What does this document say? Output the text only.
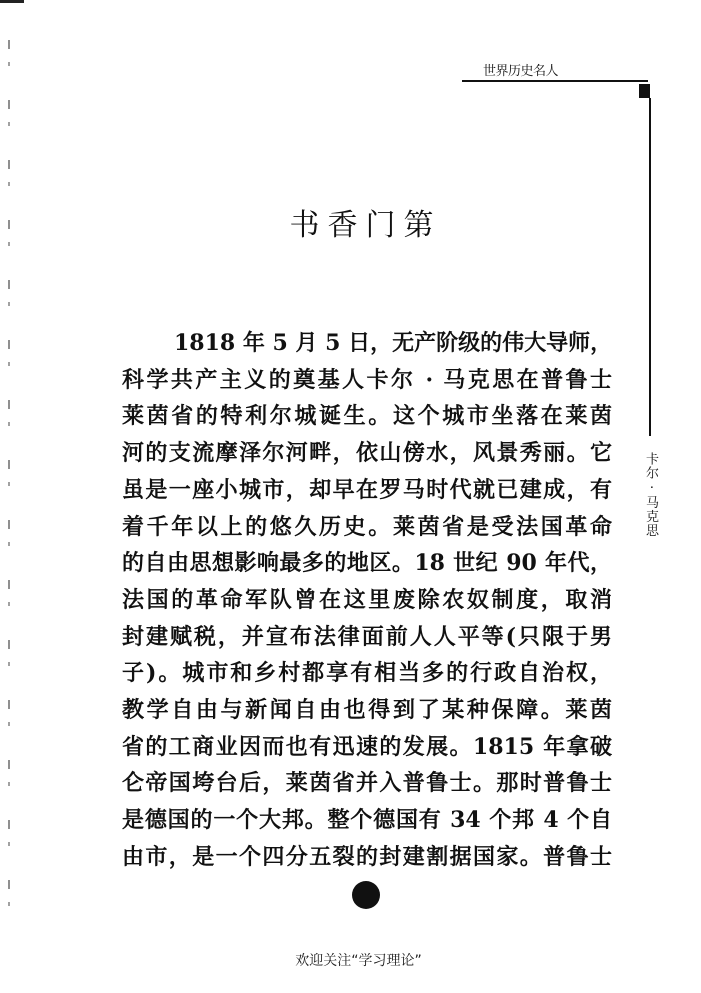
世界历史名人
卡尔 · 马克思
书香门第
1818 年 5 月 5 日，无产阶级的伟大导师，
科学共产主义的奠基人卡尔 · 马克思在普鲁士
莱茵省的特利尔城诞生。这个城市坐落在莱茵
河的支流摩泽尔河畔，依山傍水，风景秀丽。它
虽是一座小城市，却早在罗马时代就已建成，有
着千年以上的悠久历史。莱茵省是受法国革命
的自由思想影响最多的地区。18 世纪 90 年代，
法国的革命军队曾在这里废除农奴制度，取消
封建赋税，并宣布法律面前人人平等(只限于男
子)。城市和乡村都享有相当多的行政自治权，
教学自由与新闻自由也得到了某种保障。莱茵
省的工商业因而也有迅速的发展。1815 年拿破
仑帝国垮台后，莱茵省并入普鲁士。那时普鲁士
是德国的一个大邦。整个德国有 34 个邦 4 个自
由市，是一个四分五裂的封建割据国家。普鲁士
欢迎关注“学习理论”
